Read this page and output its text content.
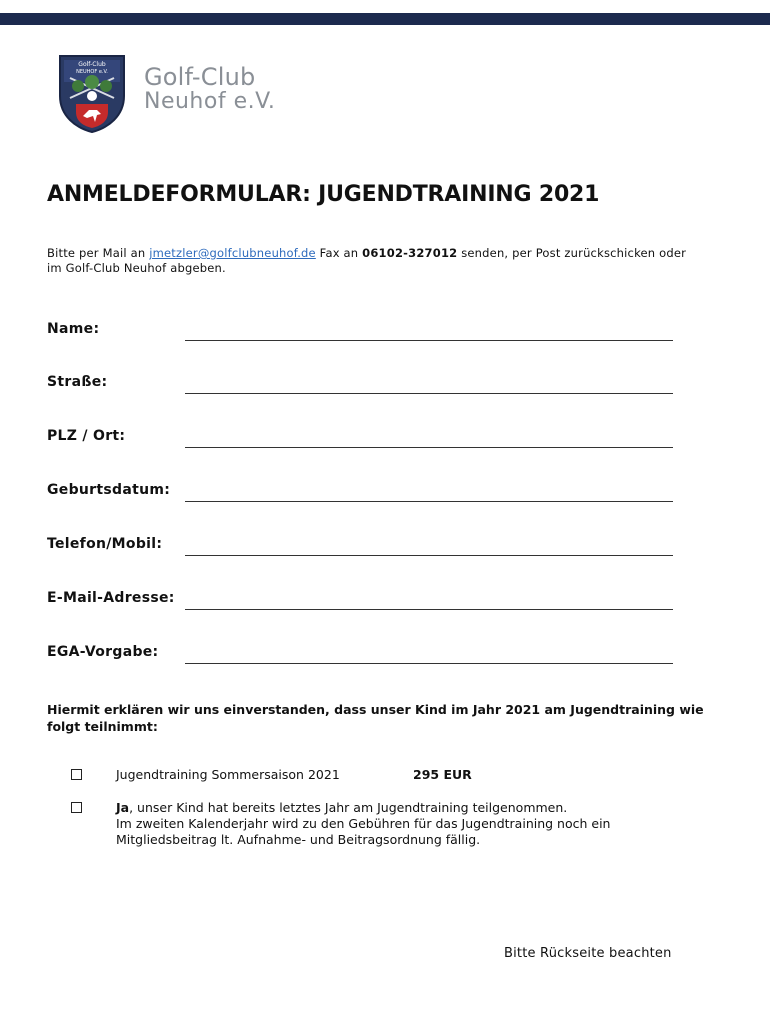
Golf-Club
NEUHOF e.V. Golf-Club
Neuhof e.V.
ANMELDEFORMULAR: JUGENDTRAINING 2021
Bitte per Mail an jmetzler@golfclubneuhof.de Fax an 06102-327012 senden, per Post zurückschicken oder im Golf-Club Neuhof abgeben.
Name:
Straße:
PLZ / Ort:
Geburtsdatum:
Telefon/Mobil:
E-Mail-Adresse:
EGA-Vorgabe:
Hiermit erklären wir uns einverstanden, dass unser Kind im Jahr 2021 am Jugendtraining wie folgt teilnimmt:
Jugendtraining Sommersaison 2021	295 EUR
Ja, unser Kind hat bereits letztes Jahr am Jugendtraining teilgenommen.
Im zweiten Kalenderjahr wird zu den Gebühren für das Jugendtraining noch ein
Mitgliedsbeitrag lt. Aufnahme- und Beitragsordnung fällig.
Bitte Rückseite beachten
